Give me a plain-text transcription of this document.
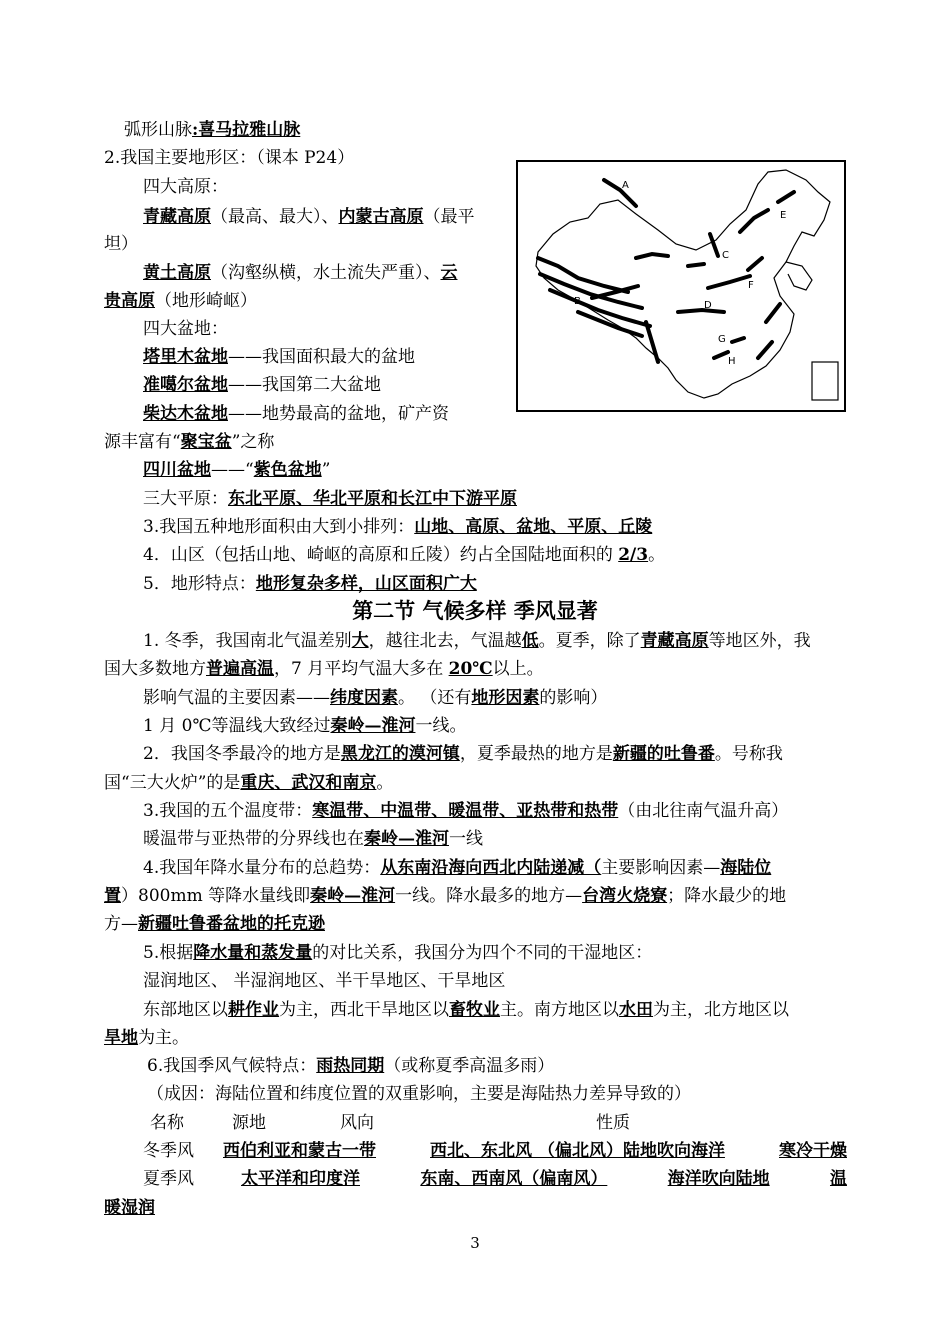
弧形山脉:喜马拉雅山脉
2.我国主要地形区：（课本 P24）
四大高原：
青藏高原（最高、最大）、内蒙古高原（最平
坦）
黄土高原（沟壑纵横，水土流失严重）、云
贵高原（地形崎岖）
四大盆地：
塔里木盆地——我国面积最大的盆地
准噶尔盆地——我国第二大盆地
柴达木盆地——地势最高的盆地，矿产资
源丰富有“聚宝盆”之称
四川盆地——“紫色盆地”
三大平原：东北平原、华北平原和长江中下游平原
3.我国五种地形面积由大到小排列：山地、高原、盆地、平原、丘陵
4．山区（包括山地、崎岖的高原和丘陵）约占全国陆地面积的 2/3。
5．地形特点：地形复杂多样，山区面积广大
A
B
C
D
E
F
G
H
第二节 气候多样 季风显著
1. 冬季，我国南北气温差别大，越往北去，气温越低。夏季，除了青藏高原等地区外，我
国大多数地方普遍高温，7 月平均气温大多在 20℃以上。
影响气温的主要因素——纬度因素。 （还有地形因素的影响）
1 月 0℃等温线大致经过秦岭—淮河一线。
2．我国冬季最冷的地方是黑龙江的漠河镇，夏季最热的地方是新疆的吐鲁番。号称我
国“三大火炉”的是重庆、武汉和南京。
3.我国的五个温度带：寒温带、中温带、暖温带、亚热带和热带（由北往南气温升高）
暖温带与亚热带的分界线也在秦岭—淮河一线
4.我国年降水量分布的总趋势：从东南沿海向西北内陆递减（主要影响因素—海陆位
置）800mm 等降水量线即秦岭—淮河一线。降水最多的地方—台湾火烧寮；降水最少的地
方—新疆吐鲁番盆地的托克逊
5.根据降水量和蒸发量的对比关系，我国分为四个不同的干湿地区：
湿润地区、 半湿润地区、半干旱地区、干旱地区
东部地区以耕作业为主，西北干旱地区以畜牧业主。南方地区以水田为主，北方地区以
旱地为主。
6.我国季风气候特点：雨热同期（或称夏季高温多雨）
（成因：海陆位置和纬度位置的双重影响，主要是海陆热力差异导致的）
名称	源地	风向	性质
冬季风 西伯利亚和蒙古一带	西北、东北风 （偏北风）陆地吹向海洋	寒冷干燥
夏季风	太平洋和印度洋	东南、西南风（偏南风）	海洋吹向陆地	温
暖湿润
3
